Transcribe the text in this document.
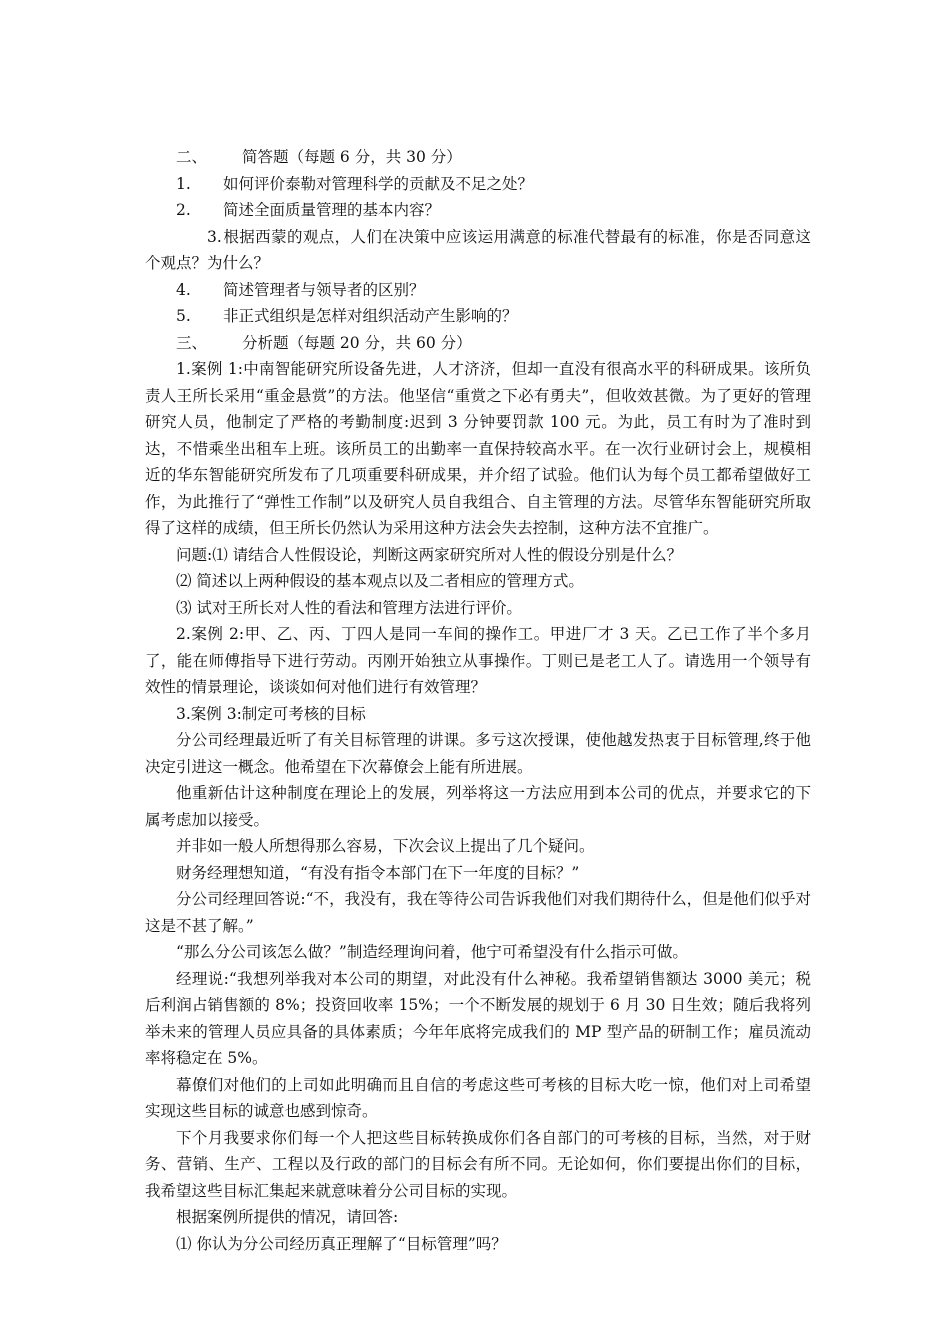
二、 简答题（每题 6 分，共 30 分）

1. 如何评价泰勒对管理科学的贡献及不足之处？

2. 简述全面质量管理的基本内容？

3.根据西蒙的观点，人们在决策中应该运用满意的标准代替最有的标准，你是否同意这个观点？为什么？

4. 简述管理者与领导者的区别？

5. 非正式组织是怎样对组织活动产生影响的？

三、 分析题（每题 20 分，共 60 分）

1.案例 1:中南智能研究所设备先进，人才济济，但却一直没有很高水平的科研成果。该所负责人王所长采用“重金悬赏”的方法。他坚信“重赏之下必有勇夫”，但收效甚微。为了更好的管理研究人员，他制定了严格的考勤制度:迟到 3 分钟要罚款 100 元。为此，员工有时为了准时到达，不惜乘坐出租车上班。该所员工的出勤率一直保持较高水平。在一次行业研讨会上，规模相近的华东智能研究所发布了几项重要科研成果，并介绍了试验。他们认为每个员工都希望做好工作，为此推行了“弹性工作制”以及研究人员自我组合、自主管理的方法。尽管华东智能研究所取得了这样的成绩，但王所长仍然认为采用这种方法会失去控制，这种方法不宜推广。

问题:⑴ 请结合人性假设论，判断这两家研究所对人性的假设分别是什么？

⑵ 简述以上两种假设的基本观点以及二者相应的管理方式。

⑶ 试对王所长对人性的看法和管理方法进行评价。

2.案例 2:甲、乙、丙、丁四人是同一车间的操作工。甲进厂才 3 天。乙已工作了半个多月了，能在师傅指导下进行劳动。丙刚开始独立从事操作。丁则已是老工人了。请选用一个领导有效性的情景理论，谈谈如何对他们进行有效管理？

3.案例 3:制定可考核的目标

分公司经理最近听了有关目标管理的讲课。多亏这次授课，使他越发热衷于目标管理,终于他决定引进这一概念。他希望在下次幕僚会上能有所进展。

他重新估计这种制度在理论上的发展，列举将这一方法应用到本公司的优点，并要求它的下属考虑加以接受。

并非如一般人所想得那么容易，下次会议上提出了几个疑问。

财务经理想知道，“有没有指令本部门在下一年度的目标？”

分公司经理回答说:“不，我没有，我在等待公司告诉我他们对我们期待什么，但是他们似乎对这是不甚了解。”

“那么分公司该怎么做？”制造经理询问着，他宁可希望没有什么指示可做。

经理说:“我想列举我对本公司的期望，对此没有什么神秘。我希望销售额达 3000 美元；税后利润占销售额的 8%；投资回收率 15%；一个不断发展的规划于 6 月 30 日生效；随后我将列举未来的管理人员应具备的具体素质；今年年底将完成我们的 MP 型产品的研制工作；雇员流动率将稳定在 5%。

幕僚们对他们的上司如此明确而且自信的考虑这些可考核的目标大吃一惊，他们对上司希望实现这些目标的诚意也感到惊奇。

下个月我要求你们每一个人把这些目标转换成你们各自部门的可考核的目标，当然，对于财务、营销、生产、工程以及行政的部门的目标会有所不同。无论如何，你们要提出你们的目标，我希望这些目标汇集起来就意味着分公司目标的实现。

根据案例所提供的情况，请回答:

⑴ 你认为分公司经历真正理解了“目标管理”吗？
